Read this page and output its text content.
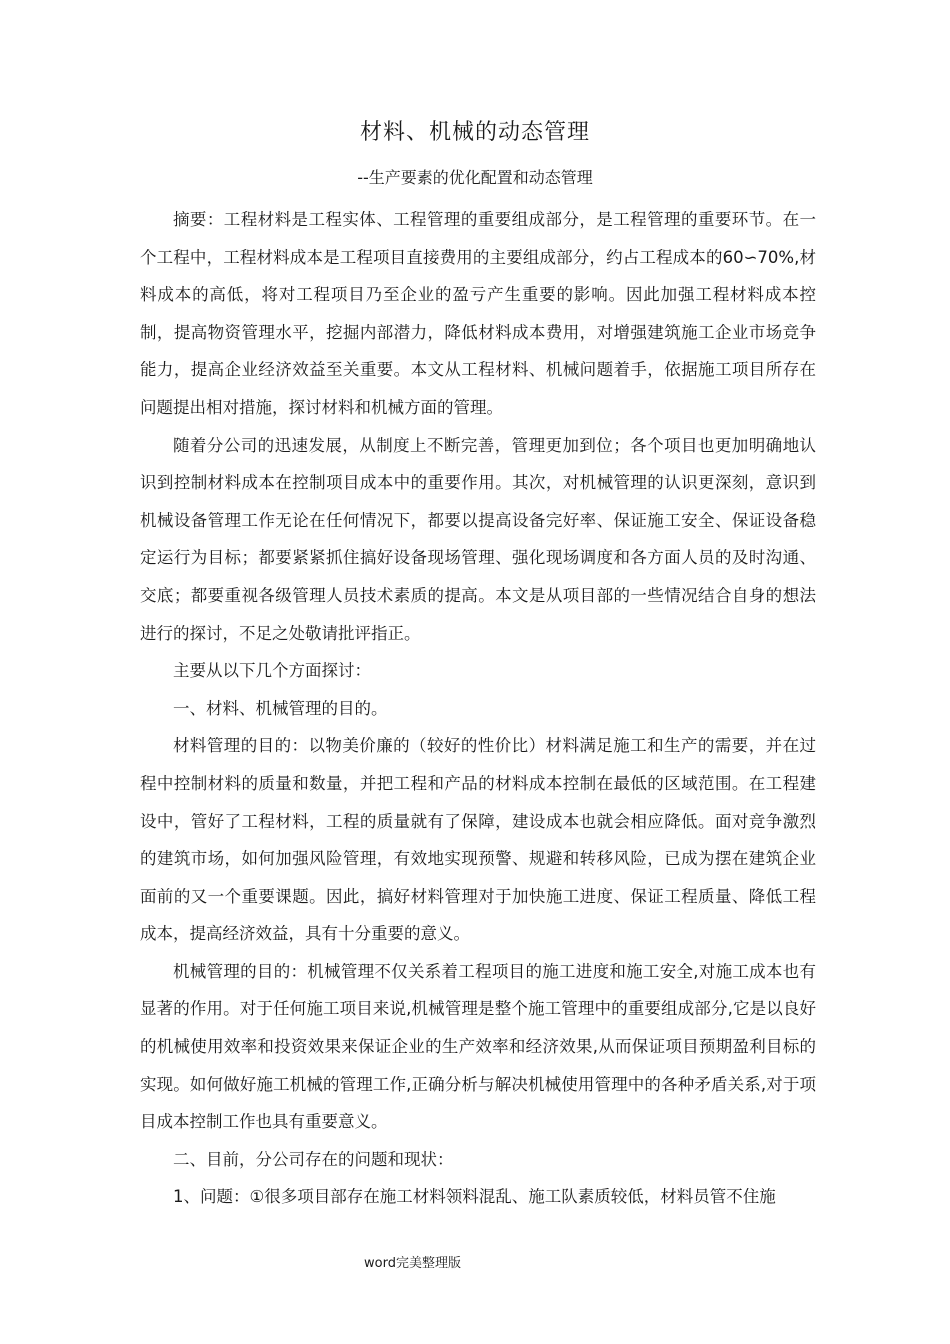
材料、机械的动态管理
--生产要素的优化配置和动态管理

摘要：工程材料是工程实体、工程管理的重要组成部分，是工程管理的重要环节。在一个工程中，工程材料成本是工程项目直接费用的主要组成部分，约占工程成本的60∽70%,材料成本的高低，将对工程项目乃至企业的盈亏产生重要的影响。因此加强工程材料成本控制，提高物资管理水平，挖掘内部潜力，降低材料成本费用，对增强建筑施工企业市场竞争能力，提高企业经济效益至关重要。本文从工程材料、机械问题着手，依据施工项目所存在问题提出相对措施，探讨材料和机械方面的管理。

随着分公司的迅速发展，从制度上不断完善，管理更加到位；各个项目也更加明确地认识到控制材料成本在控制项目成本中的重要作用。其次，对机械管理的认识更深刻，意识到机械设备管理工作无论在任何情况下，都要以提高设备完好率、保证施工安全、保证设备稳定运行为目标；都要紧紧抓住搞好设备现场管理、强化现场调度和各方面人员的及时沟通、交底；都要重视各级管理人员技术素质的提高。本文是从项目部的一些情况结合自身的想法进行的探讨，不足之处敬请批评指正。

主要从以下几个方面探讨：

一、材料、机械管理的目的。

材料管理的目的：以物美价廉的（较好的性价比）材料满足施工和生产的需要，并在过程中控制材料的质量和数量，并把工程和产品的材料成本控制在最低的区域范围。在工程建设中，管好了工程材料，工程的质量就有了保障，建设成本也就会相应降低。面对竞争激烈的建筑市场，如何加强风险管理，有效地实现预警、规避和转移风险，已成为摆在建筑企业面前的又一个重要课题。因此，搞好材料管理对于加快施工进度、保证工程质量、降低工程成本，提高经济效益，具有十分重要的意义。

机械管理的目的：机械管理不仅关系着工程项目的施工进度和施工安全,对施工成本也有显著的作用。对于任何施工项目来说,机械管理是整个施工管理中的重要组成部分,它是以良好的机械使用效率和投资效果来保证企业的生产效率和经济效果,从而保证项目预期盈利目标的实现。如何做好施工机械的管理工作,正确分析与解决机械使用管理中的各种矛盾关系,对于项目成本控制工作也具有重要意义。

二、目前，分公司存在的问题和现状：

1、问题：①很多项目部存在施工材料领料混乱、施工队素质较低，材料员管不住施

word完美整理版
